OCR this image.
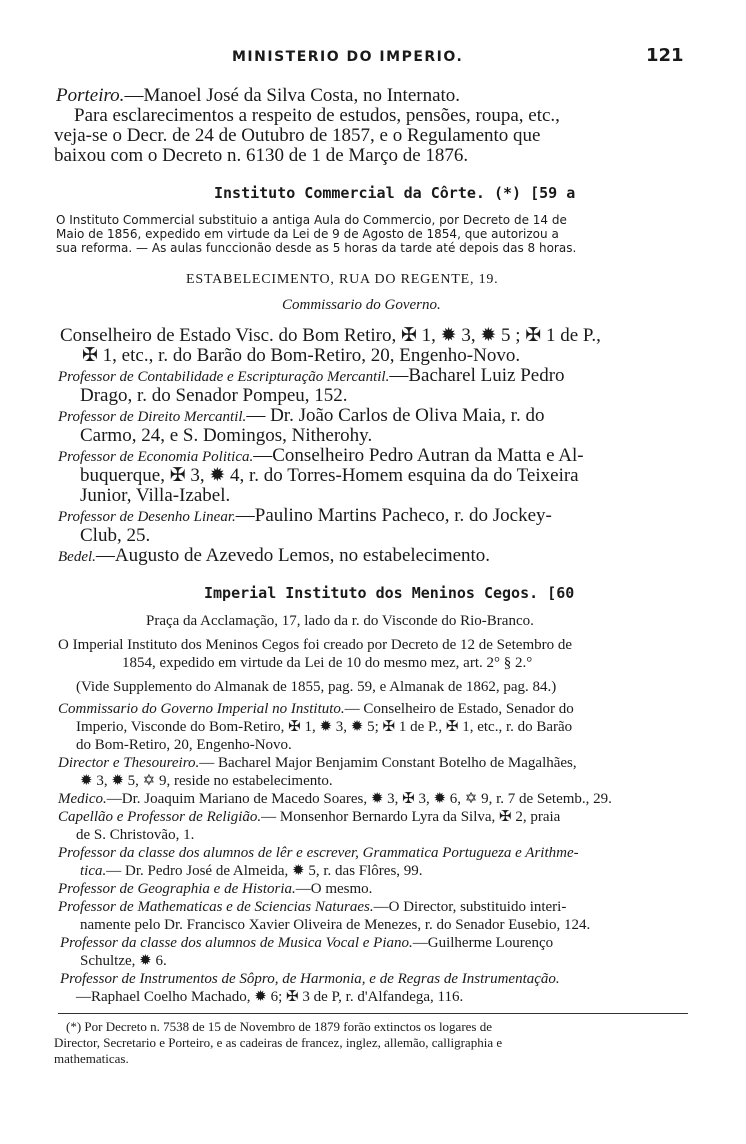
MINISTERIO DO IMPERIO.	121
Porteiro.—Manoel José da Silva Costa, no Internato.
Para esclarecimentos a respeito de estudos, pensões, roupa, etc.,
veja-se o Decr. de 24 de Outubro de 1857, e o Regulamento que
baixou com o Decreto n. 6130 de 1 de Março de 1876.
Instituto Commercial da Côrte. (*) [59 a
O Instituto Commercial substituio a antiga Aula do Commercio, por Decreto de 14 de
Maio de 1856, expedido em virtude da Lei de 9 de Agosto de 1854, que autorizou a
sua reforma. — As aulas funccionão desde as 5 horas da tarde até depois das 8 horas.
ESTABELECIMENTO, RUA DO REGENTE, 19.
Commissario do Governo.
Conselheiro de Estado Visc. do Bom Retiro, ✠ 1, ✹ 3, ✹ 5 ; ✠ 1 de P.,
✠ 1, etc., r. do Barão do Bom-Retiro, 20, Engenho-Novo.
Professor de Contabilidade e Escripturação Mercantil.—Bacharel Luiz Pedro
Drago, r. do Senador Pompeu, 152.
Professor de Direito Mercantil.— Dr. João Carlos de Oliva Maia, r. do
Carmo, 24, e S. Domingos, Nitherohy.
Professor de Economia Politica.—Conselheiro Pedro Autran da Matta e Al-
buquerque, ✠ 3, ✹ 4, r. do Torres-Homem esquina da do Teixeira
Junior, Villa-Izabel.
Professor de Desenho Linear.—Paulino Martins Pacheco, r. do Jockey-
Club, 25.
Bedel.—Augusto de Azevedo Lemos, no estabelecimento.
Imperial Instituto dos Meninos Cegos. [60
Praça da Acclamação, 17, lado da r. do Visconde do Rio-Branco.
O Imperial Instituto dos Meninos Cegos foi creado por Decreto de 12 de Setembro de
1854, expedido em virtude da Lei de 10 do mesmo mez, art. 2° § 2.°
(Vide Supplemento do Almanak de 1855, pag. 59, e Almanak de 1862, pag. 84.)
Commissario do Governo Imperial no Instituto.— Conselheiro de Estado, Senador do
Imperio, Visconde do Bom-Retiro, ✠ 1, ✹ 3, ✹ 5; ✠ 1 de P., ✠ 1, etc., r. do Barão
do Bom-Retiro, 20, Engenho-Novo.
Director e Thesoureiro.— Bacharel Major Benjamim Constant Botelho de Magalhães,
✹ 3, ✹ 5, ✡ 9, reside no estabelecimento.
Medico.—Dr. Joaquim Mariano de Macedo Soares, ✹ 3, ✠ 3, ✹ 6, ✡ 9, r. 7 de Setemb., 29.
Capellão e Professor de Religião.— Monsenhor Bernardo Lyra da Silva, ✠ 2, praia
de S. Christovão, 1.
Professor da classe dos alumnos de lêr e escrever, Grammatica Portugueza e Arithme-
tica.— Dr. Pedro José de Almeida, ✹ 5, r. das Flôres, 99.
Professor de Geographia e de Historia.—O mesmo.
Professor de Mathematicas e de Sciencias Naturaes.—O Director, substituido interi-
namente pelo Dr. Francisco Xavier Oliveira de Menezes, r. do Senador Eusebio, 124.
Professor da classe dos alumnos de Musica Vocal e Piano.—Guilherme Lourenço
Schultze, ✹ 6.
Professor de Instrumentos de Sôpro, de Harmonia, e de Regras de Instrumentação.
—Raphael Coelho Machado, ✹ 6; ✠ 3 de P, r. d'Alfandega, 116.
(*) Por Decreto n. 7538 de 15 de Novembro de 1879 forão extinctos os logares de
Director, Secretario e Porteiro, e as cadeiras de francez, inglez, allemão, calligraphia e
mathematicas.
